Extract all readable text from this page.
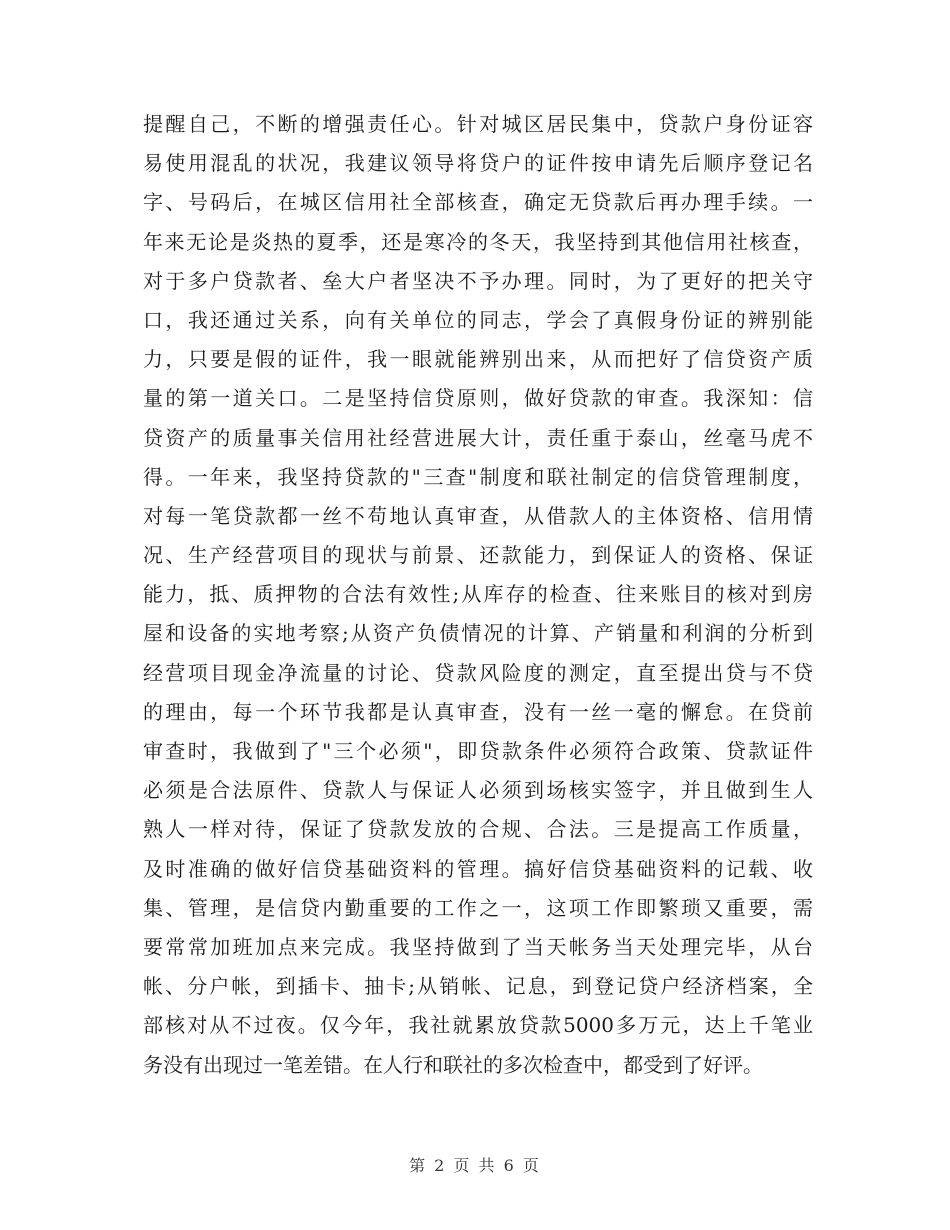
提醒自己，不断的增强责任心。针对城区居民集中，贷款户身份证容
易使用混乱的状况，我建议领导将贷户的证件按申请先后顺序登记名
字、号码后，在城区信用社全部核查，确定无贷款后再办理手续。一
年来无论是炎热的夏季，还是寒冷的冬天，我坚持到其他信用社核查，
对于多户贷款者、垒大户者坚决不予办理。同时，为了更好的把关守
口，我还通过关系，向有关单位的同志，学会了真假身份证的辨别能
力，只要是假的证件，我一眼就能辨别出来，从而把好了信贷资产质
量的第一道关口。二是坚持信贷原则，做好贷款的审查。我深知：信
贷资产的质量事关信用社经营进展大计，责任重于泰山，丝毫马虎不
得。一年来，我坚持贷款的"三查"制度和联社制定的信贷管理制度，
对每一笔贷款都一丝不苟地认真审查，从借款人的主体资格、信用情
况、生产经营项目的现状与前景、还款能力，到保证人的资格、保证
能力，抵、质押物的合法有效性;从库存的检查、往来账目的核对到房
屋和设备的实地考察;从资产负债情况的计算、产销量和利润的分析到
经营项目现金净流量的讨论、贷款风险度的测定，直至提出贷与不贷
的理由，每一个环节我都是认真审查，没有一丝一毫的懈怠。在贷前
审查时，我做到了"三个必须"，即贷款条件必须符合政策、贷款证件
必须是合法原件、贷款人与保证人必须到场核实签字，并且做到生人
熟人一样对待，保证了贷款发放的合规、合法。三是提高工作质量，
及时准确的做好信贷基础资料的管理。搞好信贷基础资料的记载、收
集、管理，是信贷内勤重要的工作之一，这项工作即繁琐又重要，需
要常常加班加点来完成。我坚持做到了当天帐务当天处理完毕，从台
帐、分户帐，到插卡、抽卡;从销帐、记息，到登记贷户经济档案，全
部核对从不过夜。仅今年，我社就累放贷款5000多万元，达上千笔业
务没有出现过一笔差错。在人行和联社的多次检查中，都受到了好评。
第 2 页 共 6 页
